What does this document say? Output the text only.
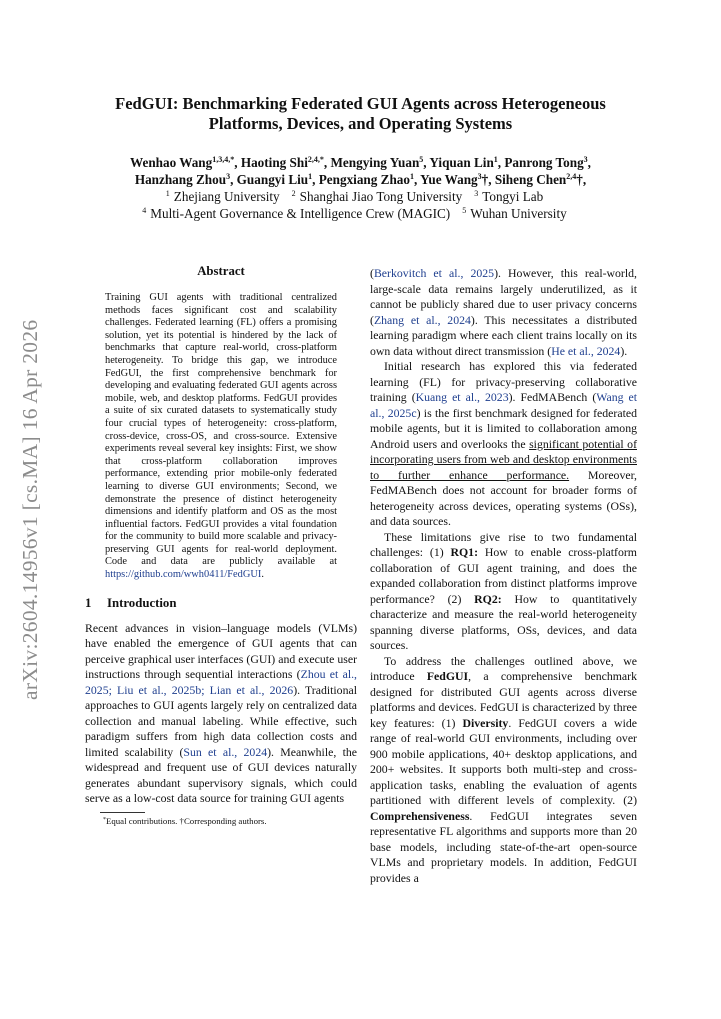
arXiv:2604.14956v1 [cs.MA] 16 Apr 2026
FedGUI: Benchmarking Federated GUI Agents across Heterogeneous Platforms, Devices, and Operating Systems
Wenhao Wang$^{1,3,4,*}$, Haoting Shi$^{2,4,*}$, Mengying Yuan$^5$, Yiquan Lin$^1$, Panrong Tong$^3$,
Hanzhang Zhou$^3$, Guangyi Liu$^1$, Pengxiang Zhao$^1$, Yue Wang$^3$†, Siheng Chen$^{2,4}$†,
$^1$ Zhejiang University $^2$ Shanghai Jiao Tong University $^3$ Tongyi Lab
$^4$ Multi-Agent Governance & Intelligence Crew (MAGIC) $^5$ Wuhan University
Abstract

Training GUI agents with traditional centralized methods faces significant cost and scalability challenges. Federated learning (FL) offers a promising solution, yet its potential is hindered by the lack of benchmarks that capture real-world, cross-platform heterogeneity. To bridge this gap, we introduce FedGUI, the first comprehensive benchmark for developing and evaluating federated GUI agents across mobile, web, and desktop platforms. FedGUI provides a suite of six curated datasets to systematically study four crucial types of heterogeneity: cross-platform, cross-device, cross-OS, and cross-source. Extensive experiments reveal several key insights: First, we show that cross-platform collaboration improves performance, extending prior mobile-only federated learning to diverse GUI environments; Second, we demonstrate the presence of distinct heterogeneity dimensions and identify platform and OS as the most influential factors. FedGUI provides a vital foundation for the community to build more scalable and privacy-preserving GUI agents for real-world deployment. Code and data are publicly available at https://github.com/wwh0411/FedGUI.

1 Introduction

Recent advances in vision–language models (VLMs) have enabled the emergence of GUI agents that can perceive graphical user interfaces (GUI) and execute user instructions through sequential interactions (Zhou et al., 2025; Liu et al., 2025b; Lian et al., 2026). Traditional approaches to GUI agents largely rely on centralized data collection and manual labeling. While effective, such paradigm suffers from high data collection costs and limited scalability (Sun et al., 2024). Meanwhile, the widespread and frequent use of GUI devices naturally generates abundant supervisory signals, which could serve as a low-cost data source for training GUI agents

*Equal contributions. †Corresponding authors.

(Berkovitch et al., 2025). However, this real-world, large-scale data remains largely underutilized, as it cannot be publicly shared due to user privacy concerns (Zhang et al., 2024). This necessitates a distributed learning paradigm where each client trains locally on its own data without direct transmission (He et al., 2024).

Initial research has explored this via federated learning (FL) for privacy-preserving collaborative training (Kuang et al., 2023). FedMABench (Wang et al., 2025c) is the first benchmark designed for federated mobile agents, but it is limited to collaboration among Android users and overlooks the significant potential of incorporating users from web and desktop environments to further enhance performance. Moreover, FedMABench does not account for broader forms of heterogeneity across devices, operating systems (OSs), and data sources.

These limitations give rise to two fundamental challenges: (1) RQ1: How to enable cross-platform collaboration of GUI agent training, and does the expanded collaboration from distinct platforms improve performance? (2) RQ2: How to quantitatively characterize and measure the real-world heterogeneity spanning diverse platforms, OSs, devices, and data sources.

To address the challenges outlined above, we introduce FedGUI, a comprehensive benchmark designed for distributed GUI agents across diverse platforms and devices. FedGUI is characterized by three key features: (1) Diversity. FedGUI covers a wide range of real-world GUI environments, including over 900 mobile applications, 40+ desktop applications, and 200+ websites. It supports both multi-step and cross-application tasks, enabling the evaluation of agents partitioned with different levels of complexity. (2) Comprehensiveness. FedGUI integrates seven representative FL algorithms and supports more than 20 base models, including state-of-the-art open-source VLMs and proprietary models. In addition, FedGUI provides a
